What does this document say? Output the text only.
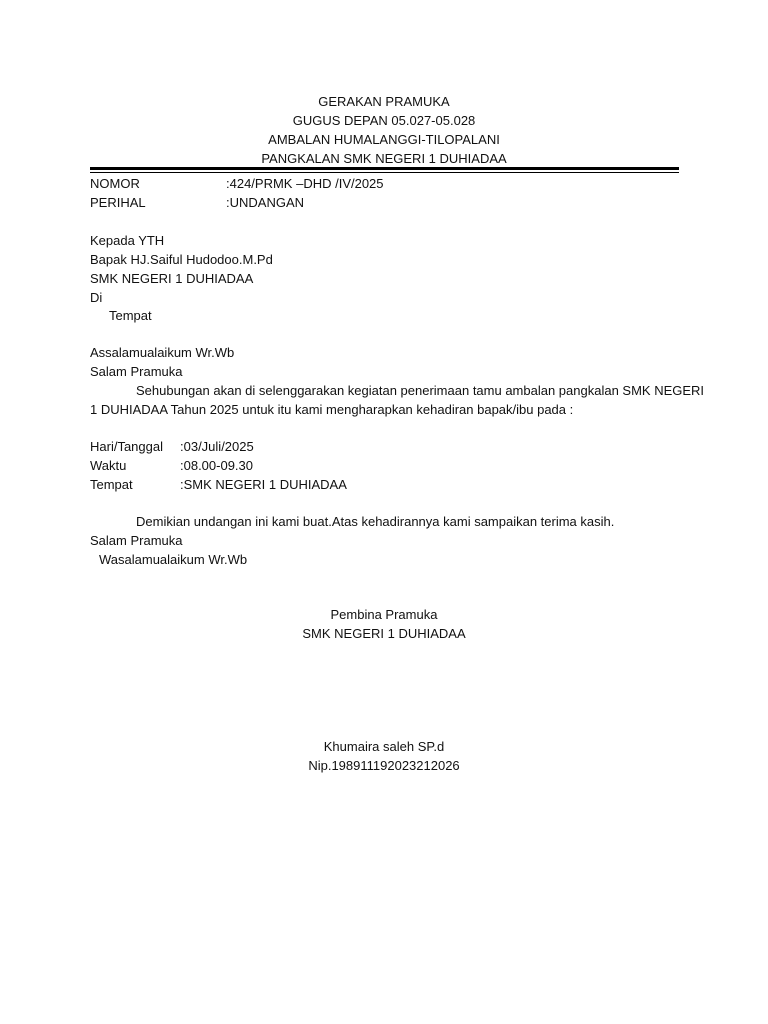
GERAKAN PRAMUKA
GUGUS DEPAN 05.027-05.028
AMBALAN HUMALANGGI-TILOPALANI
PANGKALAN SMK NEGERI 1 DUHIADAA
NOMOR	:424/PRMK –DHD /IV/2025
PERIHAL	:UNDANGAN
Kepada YTH
Bapak HJ.Saiful Hudodoo.M.Pd
SMK NEGERI 1 DUHIADAA
Di
Tempat
Assalamualaikum Wr.Wb
Salam Pramuka
Sehubungan akan di selenggarakan kegiatan penerimaan tamu ambalan pangkalan SMK NEGERI
1 DUHIADAA Tahun 2025 untuk itu kami mengharapkan kehadiran bapak/ibu pada :
Hari/Tanggal :03/Juli/2025
Waktu	:08.00-09.30
Tempat	:SMK NEGERI 1 DUHIADAA
Demikian undangan ini kami buat.Atas kehadirannya kami sampaikan terima kasih.
Salam Pramuka
Wasalamualaikum Wr.Wb
Pembina Pramuka
SMK NEGERI 1 DUHIADAA
Khumaira saleh SP.d
Nip.198911192023212026
